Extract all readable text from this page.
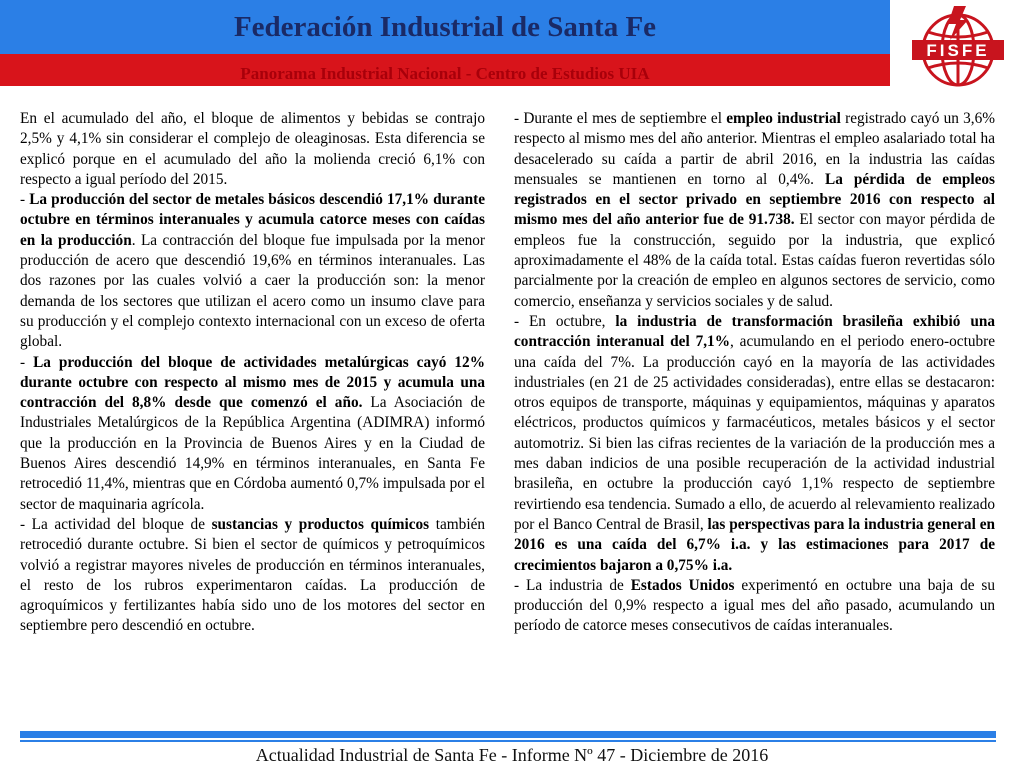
Federación Industrial de Santa Fe
Panorama Industrial Nacional - Centro de Estudios UIA
FISFE

En el acumulado del año, el bloque de alimentos y bebidas se contrajo 2,5% y 4,1% sin considerar el complejo de oleaginosas. Esta diferencia se explicó porque en el acumulado del año la molienda creció 6,1% con respecto a igual período del 2015.

- La producción del sector de metales básicos descendió 17,1% durante octubre en términos interanuales y acumula catorce meses con caídas en la producción. La contracción del bloque fue impulsada por la menor producción de acero que descendió 19,6% en términos interanuales. Las dos razones por las cuales volvió a caer la producción son: la menor demanda de los sectores que utilizan el acero como un insumo clave para su producción y el complejo contexto internacional con un exceso de oferta global.

- La producción del bloque de actividades metalúrgicas cayó 12% durante octubre con respecto al mismo mes de 2015 y acumula una contracción del 8,8% desde que comenzó el año. La Asociación de Industriales Metalúrgicos de la República Argentina (ADIMRA) informó que la producción en la Provincia de Buenos Aires y en la Ciudad de Buenos Aires descendió 14,9% en términos interanuales, en Santa Fe retrocedió 11,4%, mientras que en Córdoba aumentó 0,7% impulsada por el sector de maquinaria agrícola.

- La actividad del bloque de sustancias y productos químicos también retrocedió durante octubre. Si bien el sector de químicos y petroquímicos volvió a registrar mayores niveles de producción en términos interanuales, el resto de los rubros experimentaron caídas. La producción de agroquímicos y fertilizantes había sido uno de los motores del sector en septiembre pero descendió en octubre.

- Durante el mes de septiembre el empleo industrial registrado cayó un 3,6% respecto al mismo mes del año anterior. Mientras el empleo asalariado total ha desacelerado su caída a partir de abril 2016, en la industria las caídas mensuales se mantienen en torno al 0,4%. La pérdida de empleos registrados en el sector privado en septiembre 2016 con respecto al mismo mes del año anterior fue de 91.738. El sector con mayor pérdida de empleos fue la construcción, seguido por la industria, que explicó aproximadamente el 48% de la caída total. Estas caídas fueron revertidas sólo parcialmente por la creación de empleo en algunos sectores de servicio, como comercio, enseñanza y servicios sociales y de salud.

- En octubre, la industria de transformación brasileña exhibió una contracción interanual del 7,1%, acumulando en el periodo enero-octubre una caída del 7%. La producción cayó en la mayoría de las actividades industriales (en 21 de 25 actividades consideradas), entre ellas se destacaron: otros equipos de transporte, máquinas y equipamientos, máquinas y aparatos eléctricos, productos químicos y farmacéuticos, metales básicos y el sector automotriz. Si bien las cifras recientes de la variación de la producción mes a mes daban indicios de una posible recuperación de la actividad industrial brasileña, en octubre la producción cayó 1,1% respecto de septiembre revirtiendo esa tendencia. Sumado a ello, de acuerdo al relevamiento realizado por el Banco Central de Brasil, las perspectivas para la industria general en 2016 es una caída del 6,7% i.a. y las estimaciones para 2017 de crecimientos bajaron a 0,75% i.a.

- La industria de Estados Unidos experimentó en octubre una baja de su producción del 0,9% respecto a igual mes del año pasado, acumulando un período de catorce meses consecutivos de caídas interanuales.

Actualidad Industrial de Santa Fe - Informe Nº 47 - Diciembre de 2016
